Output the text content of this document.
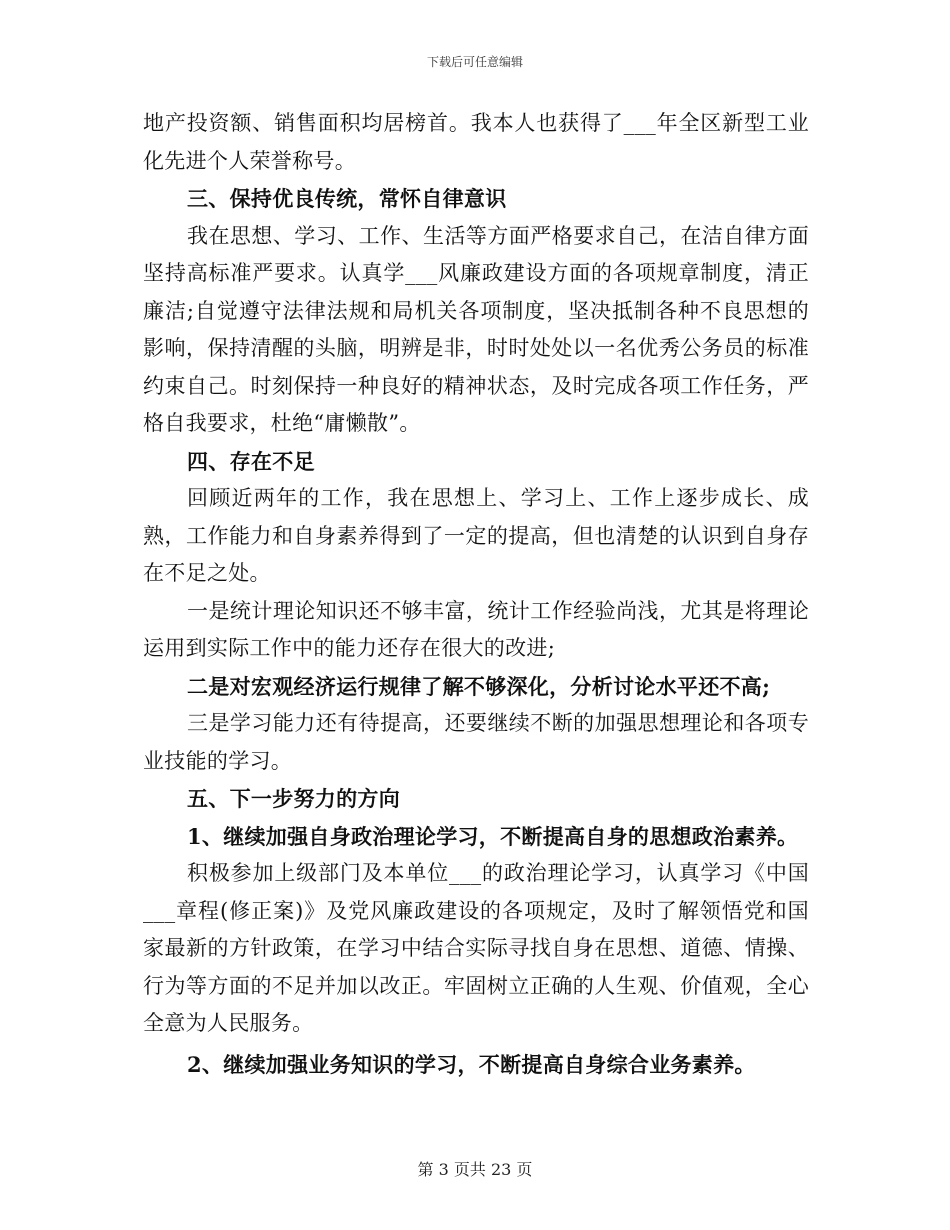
下载后可任意编辑

地产投资额、销售面积均居榜首。我本人也获得了___年全区新型工业化先进个人荣誉称号。

三、保持优良传统，常怀自律意识

我在思想、学习、工作、生活等方面严格要求自己，在洁自律方面坚持高标准严要求。认真学___风廉政建设方面的各项规章制度，清正廉洁;自觉遵守法律法规和局机关各项制度，坚决抵制各种不良思想的影响，保持清醒的头脑，明辨是非，时时处处以一名优秀公务员的标准约束自己。时刻保持一种良好的精神状态，及时完成各项工作任务，严格自我要求，杜绝“庸懒散”。

四、存在不足

回顾近两年的工作，我在思想上、学习上、工作上逐步成长、成熟，工作能力和自身素养得到了一定的提高，但也清楚的认识到自身存在不足之处。

一是统计理论知识还不够丰富，统计工作经验尚浅，尤其是将理论运用到实际工作中的能力还存在很大的改进;

二是对宏观经济运行规律了解不够深化，分析讨论水平还不高;

三是学习能力还有待提高，还要继续不断的加强思想理论和各项专业技能的学习。

五、下一步努力的方向

1、继续加强自身政治理论学习，不断提高自身的思想政治素养。

积极参加上级部门及本单位___的政治理论学习，认真学习《中国___章程(修正案)》及党风廉政建设的各项规定，及时了解领悟党和国家最新的方针政策，在学习中结合实际寻找自身在思想、道德、情操、行为等方面的不足并加以改正。牢固树立正确的人生观、价值观，全心全意为人民服务。

2、继续加强业务知识的学习，不断提高自身综合业务素养。

第 3 页共 23 页
